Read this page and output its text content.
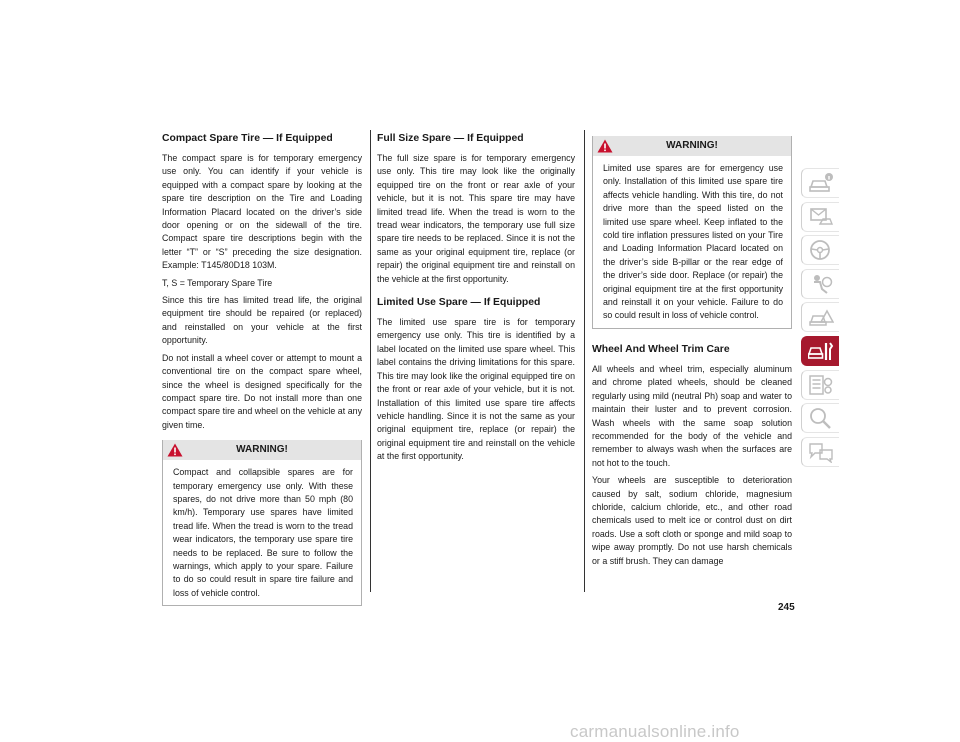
Compact Spare Tire — If Equipped

The compact spare is for temporary emergency use only. You can identify if your vehicle is equipped with a compact spare by looking at the spare tire description on the Tire and Loading Information Placard located on the driver’s side door opening or on the sidewall of the tire. Compact spare tire descriptions begin with the letter “T” or “S” preceding the size designation. Example: T145/80D18 103M.

T, S = Temporary Spare Tire

Since this tire has limited tread life, the original equipment tire should be repaired (or replaced) and reinstalled on your vehicle at the first opportunity.

Do not install a wheel cover or attempt to mount a conventional tire on the compact spare wheel, since the wheel is designed specifically for the compact spare tire. Do not install more than one compact spare tire and wheel on the vehicle at any given time.

WARNING!

Compact and collapsible spares are for temporary emergency use only. With these spares, do not drive more than 50 mph (80 km/h). Temporary use spares have limited tread life. When the tread is worn to the tread wear indicators, the temporary use spare tire needs to be replaced. Be sure to follow the warnings, which apply to your spare. Failure to do so could result in spare tire failure and loss of vehicle control.

Full Size Spare — If Equipped

The full size spare is for temporary emergency use only. This tire may look like the originally equipped tire on the front or rear axle of your vehicle, but it is not. This spare tire may have limited tread life. When the tread is worn to the tread wear indicators, the temporary use full size spare tire needs to be replaced. Since it is not the same as your original equipment tire, replace (or repair) the original equipment tire and reinstall on the vehicle at the first opportunity.

Limited Use Spare — If Equipped

The limited use spare tire is for temporary emergency use only. This tire is identified by a label located on the limited use spare wheel. This label contains the driving limitations for this spare. This tire may look like the original equipped tire on the front or rear axle of your vehicle, but it is not. Installation of this limited use spare tire affects vehicle handling. Since it is not the same as your original equipment tire, replace (or repair) the original equipment tire and reinstall on the vehicle at the first opportunity.

WARNING!

Limited use spares are for emergency use only. Installation of this limited use spare tire affects vehicle handling. With this tire, do not drive more than the speed listed on the limited use spare wheel. Keep inflated to the cold tire inflation pressures listed on your Tire and Loading Information Placard located on the driver’s side B-pillar or the rear edge of the driver’s side door. Replace (or repair) the original equipment tire at the first opportunity and reinstall it on your vehicle. Failure to do so could result in loss of vehicle control.

Wheel And Wheel Trim Care

All wheels and wheel trim, especially aluminum and chrome plated wheels, should be cleaned regularly using mild (neutral Ph) soap and water to maintain their luster and to prevent corrosion. Wash wheels with the same soap solution recommended for the body of the vehicle and remember to always wash when the surfaces are not hot to the touch.

Your wheels are susceptible to deterioration caused by salt, sodium chloride, magnesium chloride, calcium chloride, etc., and other road chemicals used to melt ice or control dust on dirt roads. Use a soft cloth or sponge and mild soap to wipe away promptly. Do not use harsh chemicals or a stiff brush. They can damage

245
carmanualsonline.info
